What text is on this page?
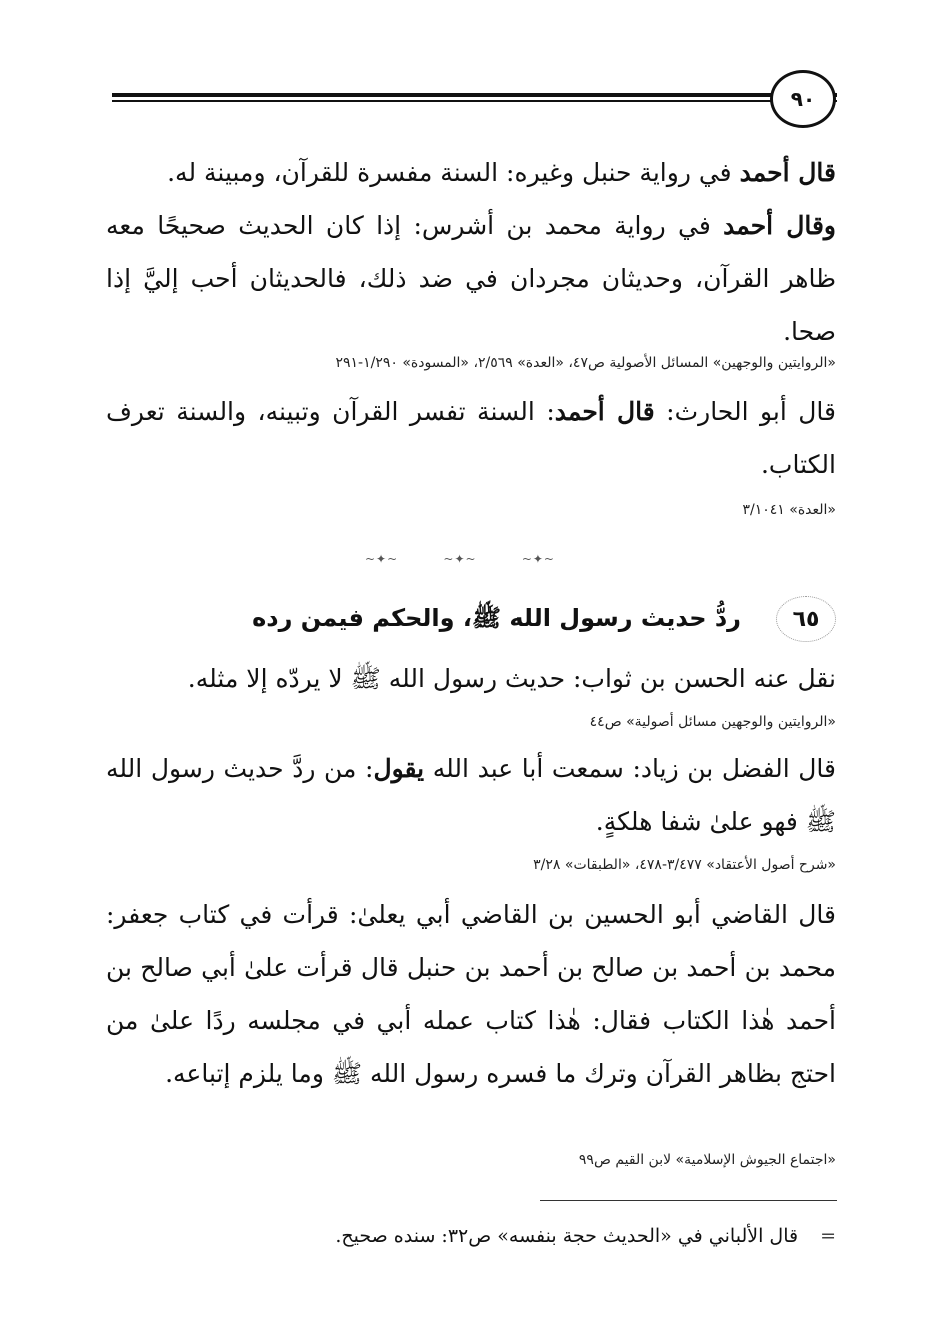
٩٠
قال أحمد في رواية حنبل وغيره: السنة مفسرة للقرآن، ومبينة له.
وقال أحمد في رواية محمد بن أشرس: إذا كان الحديث صحيحًا معه ظاهر القرآن، وحديثان مجردان في ضد ذلك، فالحديثان أحب إليَّ إذا صحا.
«الروايتين والوجهين» المسائل الأصولية ص٤٧، «العدة» ٢/٥٦٩، «المسودة» ١/٢٩٠-٢٩١
قال أبو الحارث: قال أحمد: السنة تفسر القرآن وتبينه، والسنة تعرف الكتاب.
«العدة» ٣/١٠٤١
~✦~	~✦~	~✦~
٦٥
ردُّ حديث رسول الله ﷺ، والحكم فيمن رده
نقل عنه الحسن بن ثواب: حديث رسول الله ﷺ لا يردّه إلا مثله.
«الروايتين والوجهين مسائل أصولية» ص٤٤
قال الفضل بن زياد: سمعت أبا عبد الله يقول: من ردَّ حديث رسول الله ﷺ فهو علىٰ شفا هلكةٍ.
«شرح أصول الأعتقاد» ٣/٤٧٧-٤٧٨، «الطبقات» ٣/٢٨
قال القاضي أبو الحسين بن القاضي أبي يعلىٰ: قرأت في كتاب جعفر: محمد بن أحمد بن صالح بن أحمد بن حنبل قال قرأت علىٰ أبي صالح بن أحمد هٰذا الكتاب فقال: هٰذا كتاب عمله أبي في مجلسه ردًا علىٰ من احتج بظاهر القرآن وترك ما فسره رسول الله ﷺ وما يلزم إتباعه.
«اجتماع الجيوش الإسلامية» لابن القيم ص٩٩
=قال الألباني في «الحديث حجة بنفسه» ص٣٢: سنده صحيح.
